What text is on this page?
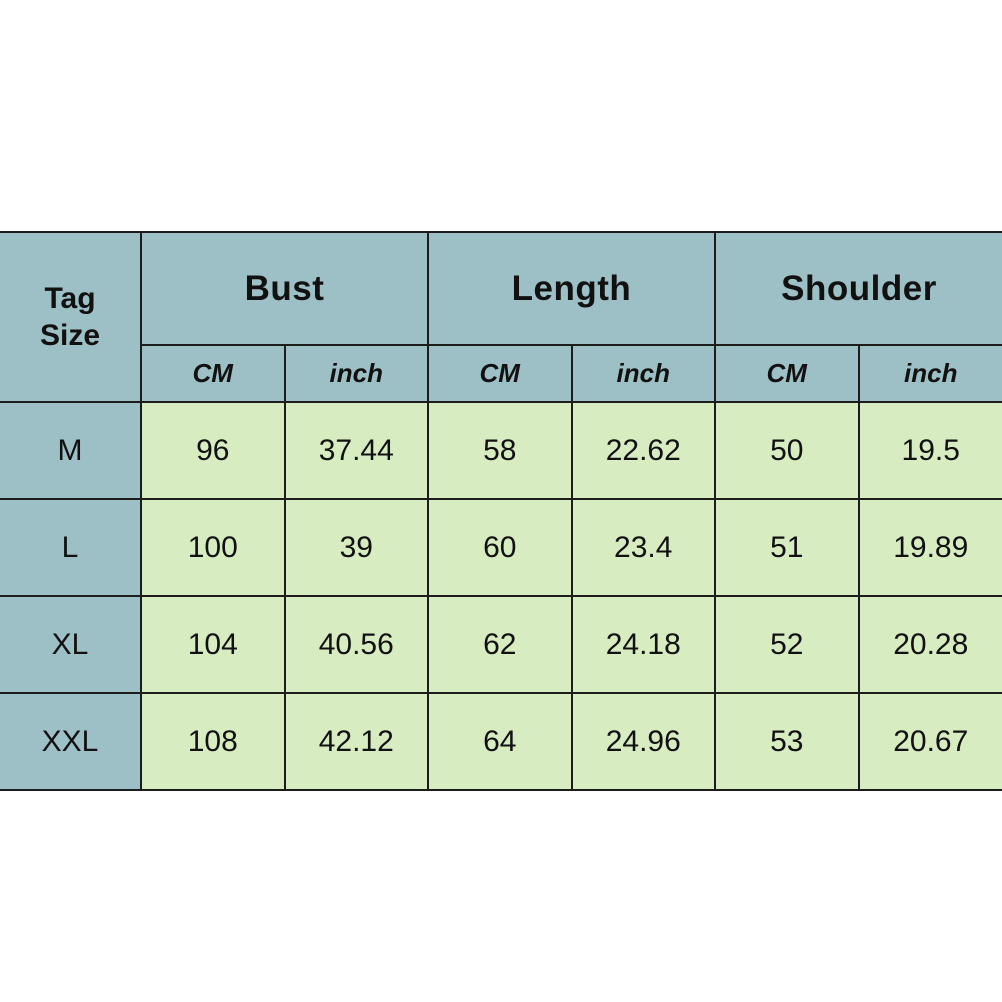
Tag
Size	Bust		Length		Shoulder	
	CM	inch	CM	inch	CM	inch
M	96	37.44	58	22.62	50	19.5
L	100	39	60	23.4	51	19.89
XL	104	40.56	62	24.18	52	20.28
XXL	108	42.12	64	24.96	53	20.67
